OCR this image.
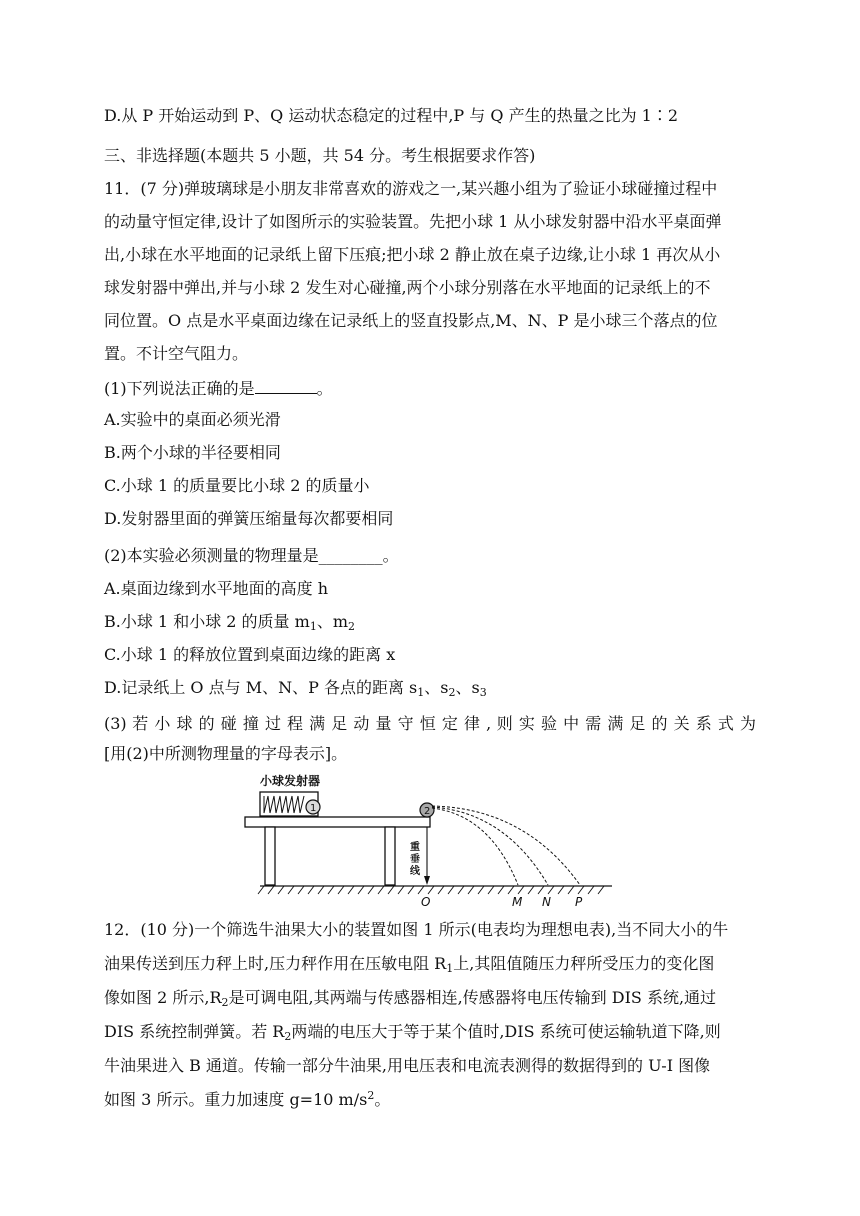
D.从 P 开始运动到 P、Q 运动状态稳定的过程中,P 与 Q 产生的热量之比为 1∶2
三、非选择题(本题共 5 小题，共 54 分。考生根据要求作答)
11．(7 分)弹玻璃球是小朋友非常喜欢的游戏之一,某兴趣小组为了验证小球碰撞过程中
的动量守恒定律,设计了如图所示的实验装置。先把小球 1 从小球发射器中沿水平桌面弹
出,小球在水平地面的记录纸上留下压痕;把小球 2 静止放在桌子边缘,让小球 1 再次从小
球发射器中弹出,并与小球 2 发生对心碰撞,两个小球分别落在水平地面的记录纸上的不
同位置。O 点是水平桌面边缘在记录纸上的竖直投影点,M、N、P 是小球三个落点的位
置。不计空气阻力。
(1)下列说法正确的是	。
A.实验中的桌面必须光滑
B.两个小球的半径要相同
C.小球 1 的质量要比小球 2 的质量小
D.发射器里面的弹簧压缩量每次都要相同
(2)本实验必须测量的物理量是________。
A.桌面边缘到水平地面的高度 h
B.小球 1 和小球 2 的质量 $m_1$、$m_2$
C.小球 1 的释放位置到桌面边缘的距离 x
D.记录纸上 O 点与 M、N、P 各点的距离 $s_1$、$s_2$、$s_3$
(3) 若 小 球 的 碰 撞 过 程 满 足 动 量 守 恒 定 律 , 则 实 验 中 需 满 足 的 关 系 式 为
[用(2)中所测物理量的字母表示]。
小球发射器
1	2
重
垂
线
O	M N P
12．(10 分)一个筛选牛油果大小的装置如图 1 所示(电表均为理想电表),当不同大小的牛
油果传送到压力秤上时,压力秤作用在压敏电阻 $R_1$上,其阻值随压力秤所受压力的变化图
像如图 2 所示$,R_2$是可调电阻,其两端与传感器相连,传感器将电压传输到 DIS 系统,通过
DIS 系统控制弹簧。若 $R_2$两端的电压大于等于某个值时,DIS 系统可使运输轨道下降,则
牛油果进入 B 通道。传输一部分牛油果,用电压表和电流表测得的数据得到的 U-I 图像
如图 3 所示。重力加速度 g=10 $m/s^2$。
